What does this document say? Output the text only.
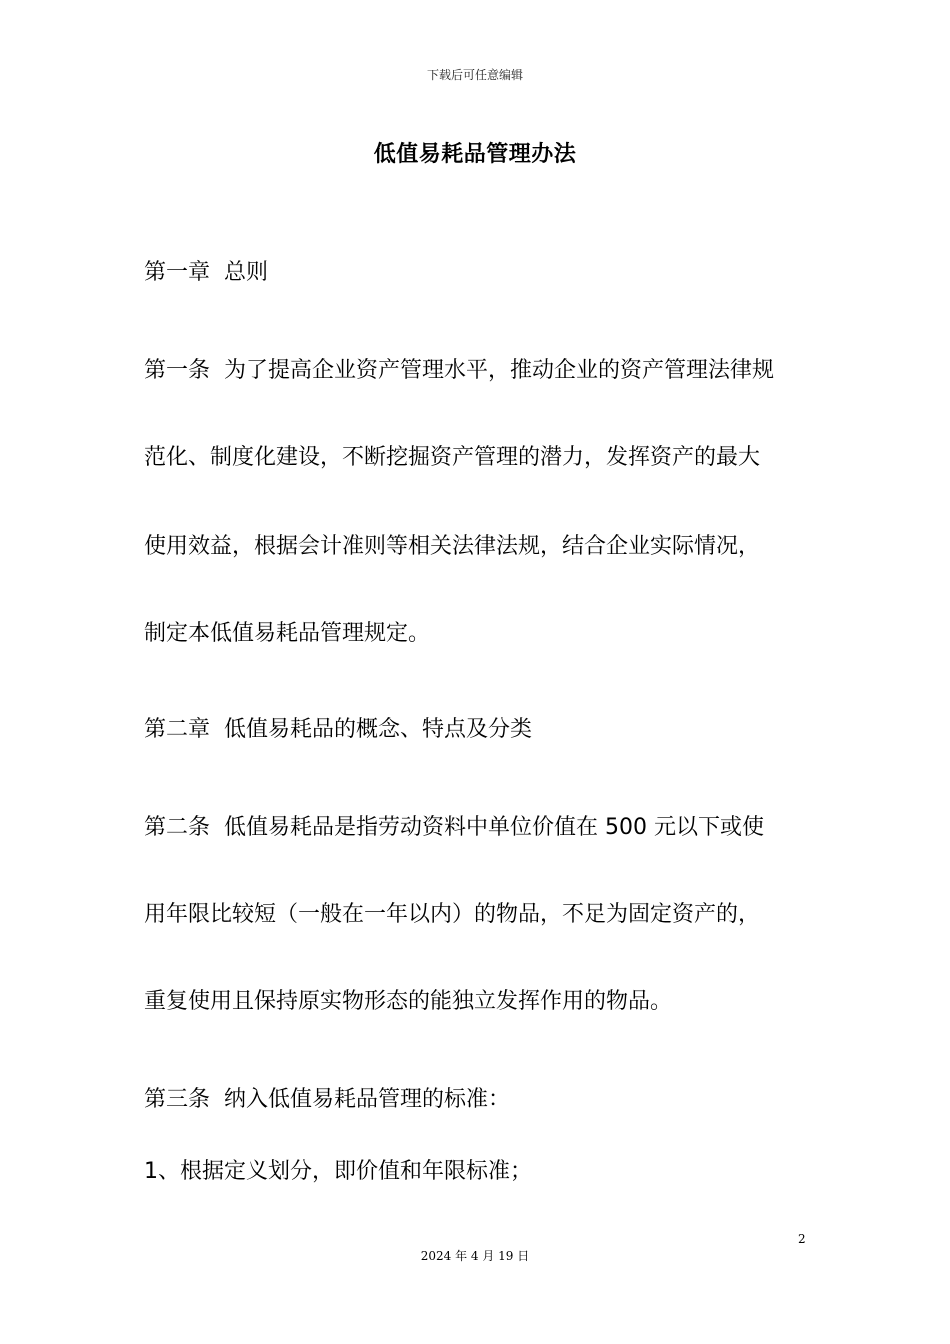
下载后可任意编辑
低值易耗品管理办法
第一章 总则
第一条 为了提高企业资产管理水平，推动企业的资产管理法律规
范化、制度化建设，不断挖掘资产管理的潜力，发挥资产的最大
使用效益，根据会计准则等相关法律法规，结合企业实际情况，
制定本低值易耗品管理规定。
第二章 低值易耗品的概念、特点及分类
第二条 低值易耗品是指劳动资料中单位价值在 500 元以下或使
用年限比较短（一般在一年以内）的物品，不足为固定资产的，
重复使用且保持原实物形态的能独立发挥作用的物品。
第三条 纳入低值易耗品管理的标准：
1、根据定义划分，即价值和年限标准；
2
2024 年 4 月 19 日
